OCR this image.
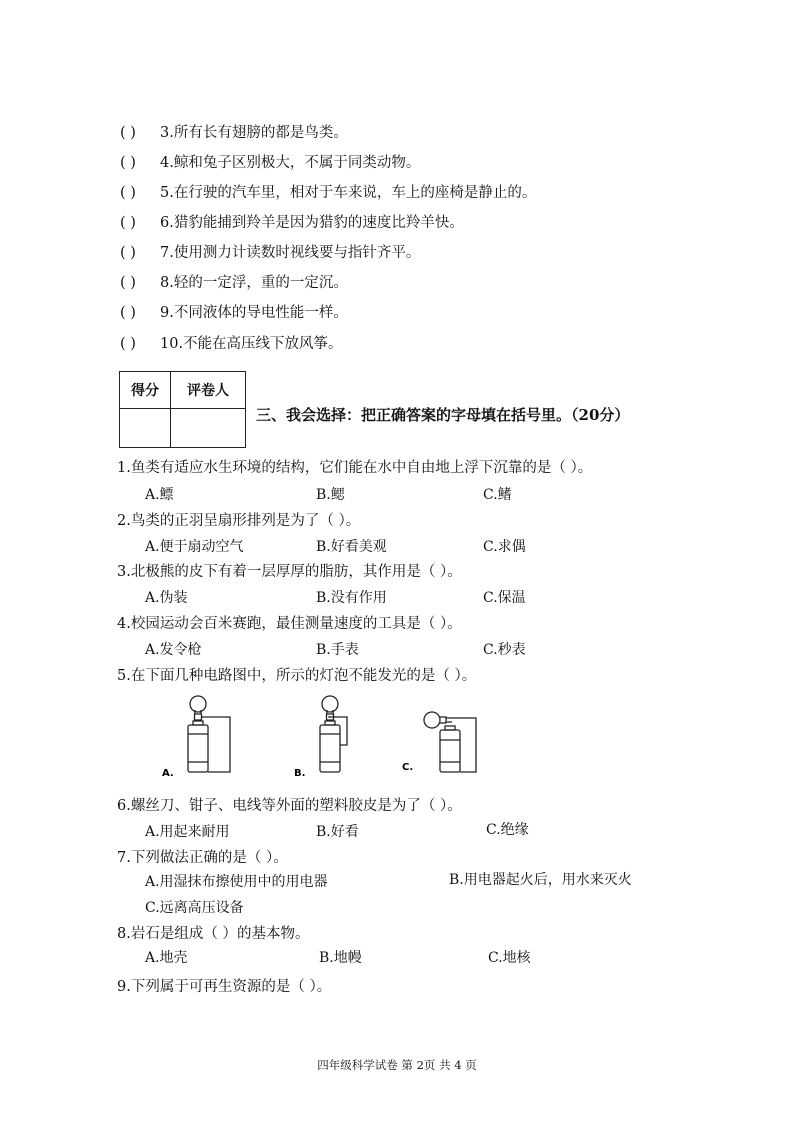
( ) 3.所有长有翅膀的都是鸟类。
( ) 4.鲸和兔子区别极大，不属于同类动物。
( ) 5.在行驶的汽车里，相对于车来说，车上的座椅是静止的。
( ) 6.猎豹能捕到羚羊是因为猎豹的速度比羚羊快。
( ) 7.使用测力计读数时视线要与指针齐平。
( ) 8.轻的一定浮，重的一定沉。
( ) 9.不同液体的导电性能一样。
( ) 10.不能在高压线下放风筝。
得分	评卷人

三、我会选择：把正确答案的字母填在括号里。（20分）
1.鱼类有适应水生环境的结构，它们能在水中自由地上浮下沉靠的是（ ）。
A.鳔	B.鳃	C.鳍
2.鸟类的正羽呈扇形排列是为了（ ）。
A.便于扇动空气	B.好看美观	C.求偶
3.北极熊的皮下有着一层厚厚的脂肪，其作用是（ ）。
A.伪装	B.没有作用	C.保温
4.校园运动会百米赛跑，最佳测量速度的工具是（ ）。
A.发令枪	B.手表	C.秒表
5.在下面几种电路图中，所示的灯泡不能发光的是（ ）。
A.	B.
C.
6.螺丝刀、钳子、电线等外面的塑料胶皮是为了（ ）。
A.用起来耐用	B.好看	C.绝缘
7.下列做法正确的是（ ）。
A.用湿抹布擦使用中的用电器	B.用电器起火后，用水来灭火
C.远离高压设备
8.岩石是组成（ ）的基本物。
A.地壳	B.地幔	C.地核
9.下列属于可再生资源的是（ ）。
四年级科学试卷 第 2页 共 4 页
